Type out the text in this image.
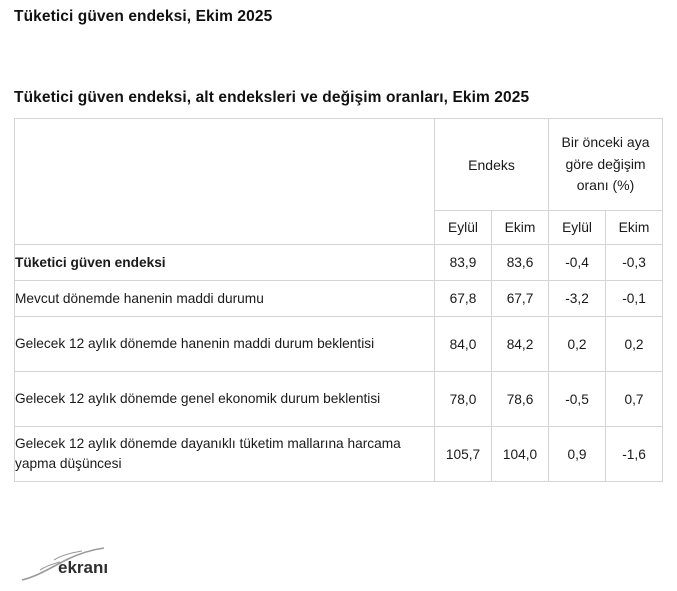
Tüketici güven endeksi, Ekim 2025
Tüketici güven endeksi, alt endeksleri ve değişim oranları, Ekim 2025
	Endeks		Bir önceki aya göre değişim oranı (%)	
	Eylül	Ekim	Eylül	Ekim
Tüketici güven endeksi	83,9	83,6	-0,4	-0,3
Mevcut dönemde hanenin maddi durumu	67,8	67,7	-3,2	-0,1
Gelecek 12 aylık dönemde hanenin maddi durum beklentisi	84,0	84,2	0,2	0,2
Gelecek 12 aylık dönemde genel ekonomik durum beklentisi	78,0	78,6	-0,5	0,7
Gelecek 12 aylık dönemde dayanıklı tüketim mallarına harcama yapma düşüncesi	105,7	104,0	0,9	-1,6
ekranı
